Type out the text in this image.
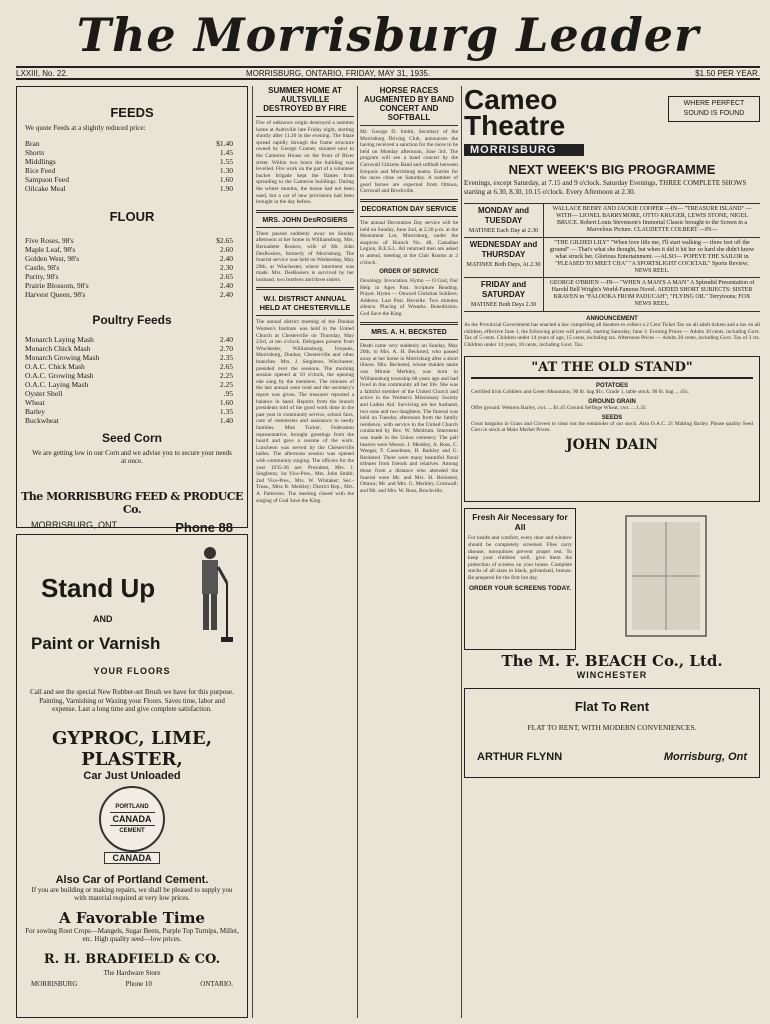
The Morrisburg Leader
LXXIII, No. 22.	MORRISBURG, ONTARIO, FRIDAY, MAY 31, 1935.	$1.50 PER YEAR.
FEEDS
We quote Feeds at a slightly reduced price:
Bran	$1.40
Shorts	1.45
Middlings	1.55
Rice Feed	1.30
Sampson Feed	1.60
Oilcake Meal	1.90
FLOUR
Five Roses, 98's	$2.65
Maple Leaf, 98's	2.60
Golden West, 98's	2.40
Castle, 98's	2.30
Purity, 98's	2.65
Prairie Blossom, 98's	2.40
Harvest Queen, 98's	2.40
Poultry Feeds
Monarch Laying Mash	2.40
Monarch Chick Mash	2.70
Monarch Growing Mash	2.35
O.A.C. Chick Mash	2.65
O.A.C. Growing Mash	2.25
O.A.C. Laying Mash	2.25
Oyster Shell	.95
Wheat	1.60
Barley	1.35
Buckwheat	1.40
Seed Corn
We are getting low in our Corn and we advise you to secure your needs at once.
The MORRISBURG FEED & PRODUCE Co.
MORRISBURG, ONT.	Phone 88
Stand Up
AND
Paint or Varnish
YOUR FLOORS
Call and see the special New Rubber-set Brush we have for this purpose. Painting, Varnishing or Waxing your Floors. Saves time, labor and expense. Last a long time and give complete satisfaction.
GYPROC, LIME, PLASTER,
Car Just Unloaded
PORTLAND
CANADA
CEMENT
CANADA
Also Car of Portland Cement.
If you are building or making repairs, we shall be pleased to supply you with material required at very low prices.
A Favorable Time
For sowing Root Crops—Mangels, Sugar Beets, Purple Top Turnips, Millet, etc. High quality seed—low prices.
R. H. BRADFIELD & CO.
The Hardware Store
MORRISBURG	Phone 10	ONTARIO.
SUMMER HOME AT AULTSVILLE DESTROYED BY FIRE
Fire of unknown origin destroyed a summer home at Aultsville late Friday night, starting shortly after 11.30 in the evening. The blaze spread rapidly through the frame structure owned by George Cramer, situated next to the Cameron House on the front of River street. Within two hours the building was levelled. Fire work on the part of a volunteer bucket brigade kept the flames from spreading to the Cameron buildings. During the winter months, the house had not been used, but a car of new provisions had been brought in the day before.
MRS. JOHN DesROSIERS
There passed suddenly away on Sunday afternoon at her home in Williamsburg, Mrs. Bernadette Rosiers, wife of Mr. John DesRosiers, formerly of Morrisburg. The funeral service was held on Wednesday, May 29th, at Winchester, where interment was made. Mrs. DesRosiers is survived by her husband, two brothers and three sisters.
W.I. DISTRICT ANNUAL HELD AT CHESTERVILLE
The annual district meeting of the Dundas Women's Institute was held in the United Church at Chesterville on Thursday, May 23rd, at ten o'clock. Delegates present from Winchester, Williamsburg, Iroquois, Morrisburg, Dunbar, Chesterville and other branches. Mrs. J. Singleton, Winchester, presided over the sessions. The morning session opened at 10 o'clock, the opening ode sung by the members. The minutes of the last annual were read and the secretary's report was given. The treasurer reported a balance in hand. Reports from the branch presidents told of the good work done in the past year in community service, school fairs, care of cemeteries and assistance to needy families. Miss Tucker, Federation representative, brought greetings from the board and gave a resume of the work. Luncheon was served by the Chesterville ladies. The afternoon session was opened with community singing. The officers for the year 1935-36 are: President, Mrs. J. Singleton; 1st Vice-Pres., Mrs. John Smith; 2nd Vice-Pres., Mrs. W. Whitaker; Sec.-Treas., Miss R. Merkley; District Rep., Mrs. A. Patterson. The meeting closed with the singing of God Save the King.
HORSE RACES AUGMENTED BY BAND CONCERT AND SOFTBALL
Mr. George D. Smith, Secretary of the Morrisburg Driving Club, announces the having received a sanction for the races to be held on Monday afternoon, June 3rd. The program will see a band concert by the Cornwall Citizens Band and softball between Iroquois and Morrisburg teams. Entries for the races close on Saturday. A number of good horses are expected from Ottawa, Cornwall and Brockville.
DECORATION DAY SERVICE
The annual Decoration Day service will be held on Sunday, June 2nd, at 2.30 p.m. at the Monument Lot, Morrisburg, under the auspices of Branch No. 48, Canadian Legion, B.E.S.L. All returned men are asked to attend, meeting at the Club Rooms at 2 o'clock.
ORDER OF SERVICE
Doxology. Invocation. Hymn — O God, Our Help in Ages Past. Scripture Reading. Prayer. Hymn — Onward Christian Soldiers. Address. Last Post. Reveille. Two minutes silence. Placing of Wreaths. Benediction. God Save the King.
MRS. A. H. BECKSTED
Death came very suddenly on Sunday, May 26th, to Mrs. A. H. Becksted, who passed away at her home in Morrisburg after a short illness. Mrs. Becksted, whose maiden name was Minnie Merkley, was born in Williamsburg township 68 years ago and had lived in this community all her life. She was a faithful member of the United Church and active in the Women's Missionary Society and Ladies Aid. Surviving are her husband, two sons and two daughters. The funeral was held on Tuesday afternoon from the family residence, with service in the United Church conducted by Rev. W. Meldrum. Interment was made in the Union cemetery. The pall bearers were Messrs. J. Merkley, A. Ross, C. Weegar, F. Casselman, H. Barkley and G. Becksted. There were many beautiful floral tributes from friends and relatives. Among those from a distance who attended the funeral were Mr. and Mrs. H. Becksted, Ottawa; Mr. and Mrs. G. Merkley, Cornwall; and Mr. and Mrs. W. Ross, Brockville.
Cameo
Theatre
WHERE PERFECT SOUND IS FOUND
MORRISBURG
NEXT WEEK'S BIG PROGRAMME
Evenings, except Saturday, at 7.15 and 9 o'clock. Saturday Evenings, THREE COMPLETE SHOWS starting at 6.30, 8.30, 10.15 o'clock. Every Afternoon at 2.30.
MONDAY and TUESDAY
MATINEE Each Day at 2.30
WALLACE BEERY AND JACKIE COOPER —IN— "TREASURE ISLAND" —WITH— LIONEL BARRYMORE, OTTO KRUGER, LEWIS STONE, NIGEL BRUCE. Robert Louis Stevenson's Immortal Classic brought to the Screen in a Marvelous Picture. CLAUDETTE COLBERT —IN—
WEDNESDAY and THURSDAY
MATINEE Both Days, At 2.30
"THE GILDED LILY" "When love lifts me, I'll start walking — three feet off the ground" — That's what she thought, but when it did it hit her so hard she didn't know what struck her. Glorious Entertainment. —ALSO— POPEYE THE SAILOR in "PLEASED TO MEET CHA" "A SPORTSLIGHT COCKTAIL" Sports Review; NEWS REEL.
FRIDAY and SATURDAY
MATINEE Both Days 2.30
GEORGE O'BRIEN —IN— "WHEN A MAN'S A MAN" A Splendid Presentation of Harold Bell Wright's World-Famous Novel. ADDED SHORT SUBJECTS: SISTER KRAVEN in "FALOOKA FROM PADUCAH"; "FLYING OIL" Terrytoons; FOX NEWS REEL.
ANNOUNCEMENT
As the Provincial Government has enacted a law compelling all theatres to collect a 2 Cent Ticket Tax on all adult tickets and a tax on all children, effective June 1, the following prices will prevail, starting Saturday, June 1: Evening Prices — Adults 30 cents, including Govt. Tax of 5 cents. Children under 14 years of age, 15 cents, including tax. Afternoon Prices — Adults 20 cents, including Govt. Tax of 3 cts. Children under 14 years, 10 cents, including Govt. Tax.
"AT THE OLD STAND"
POTATOES
Certified Irish Cobblers and Green Mountains, 90 lb. bag $1c. Grade 1, table stock, 90 lb. bag ... 45c.
GROUND GRAIN
Offer ground: Western Barley, cwt. ... $1.45 Ground Selflege Wheat, cwt. ... 1.35
SEEDS
Great bargains in Grass and Clovers to clear out the remainder of our stock. Also O.A.C. 21 Malting Barley. Please quality Seed Corn in stock at Main Market Prices.
JOHN DAIN
Fresh Air Necessary for All
For health and comfort, every door and window should be completely screened. Flies carry disease, mosquitoes prevent proper rest. To keep your children well, give them the protection of screens on your house. Complete stocks of all sizes in black, galvanized, bronze. Be prepared for the first hot day.
ORDER YOUR SCREENS TODAY.
The M. F. BEACH Co., Ltd.
WINCHESTER
Flat To Rent
FLAT TO RENT, WITH MODERN CONVENIENCES.
ARTHUR FLYNN	Morrisburg, Ont
